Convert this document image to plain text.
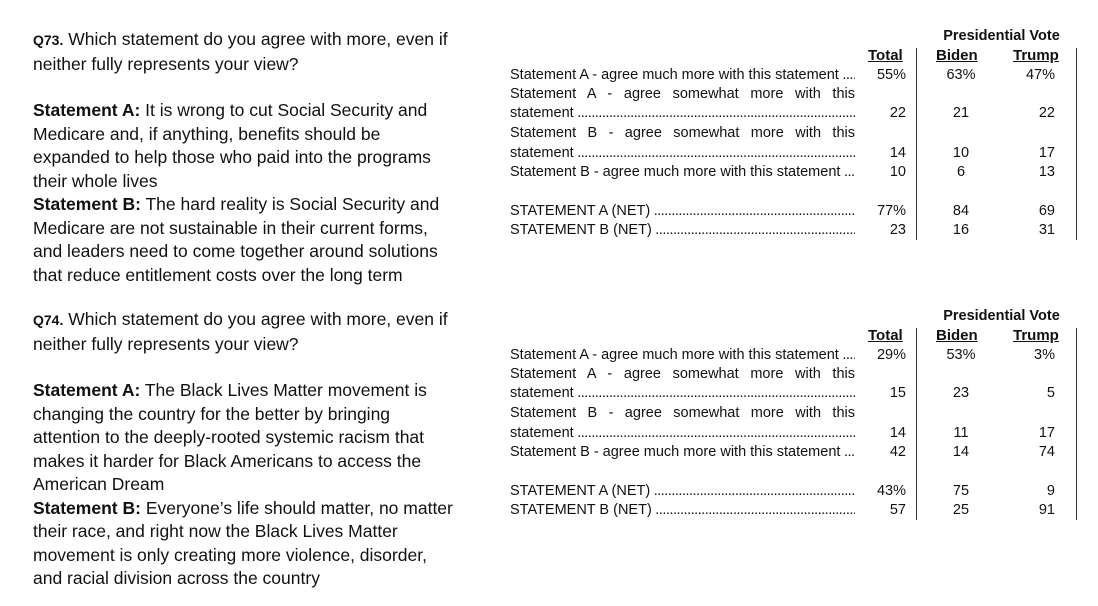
Q73. Which statement do you agree with more, even if neither fully represents your view?

Statement A: It is wrong to cut Social Security and Medicare and, if anything, benefits should be expanded to help those who paid into the programs their whole lives

Statement B: The hard reality is Social Security and Medicare are not sustainable in their current forms, and leaders need to come together around solutions that reduce entitlement costs over the long term

Presidential Vote
Total Biden Trump
Statement A - agree much more with this statement .....	55%	63%	47%
Statement A - agree somewhat more with this
statement .....	22	21	22
Statement B - agree somewhat more with this
statement .....	14	10	17
Statement B - agree much more with this statement .....	10	6	13
STATEMENT A (NET) .....	77%	84	69
STATEMENT B (NET) .....	23	16	31

Q74. Which statement do you agree with more, even if neither fully represents your view?

Statement A: The Black Lives Matter movement is changing the country for the better by bringing attention to the deeply-rooted systemic racism that makes it harder for Black Americans to access the American Dream

Statement B: Everyone’s life should matter, no matter their race, and right now the Black Lives Matter movement is only creating more violence, disorder, and racial division across the country

Presidential Vote
Total Biden Trump
Statement A - agree much more with this statement .....	29%	53%	3%
Statement A - agree somewhat more with this
statement .....	15	23	5
Statement B - agree somewhat more with this
statement .....	14	11	17
Statement B - agree much more with this statement .....	42	14	74
STATEMENT A (NET) .....	43%	75	9
STATEMENT B (NET) .....	57	25	91
